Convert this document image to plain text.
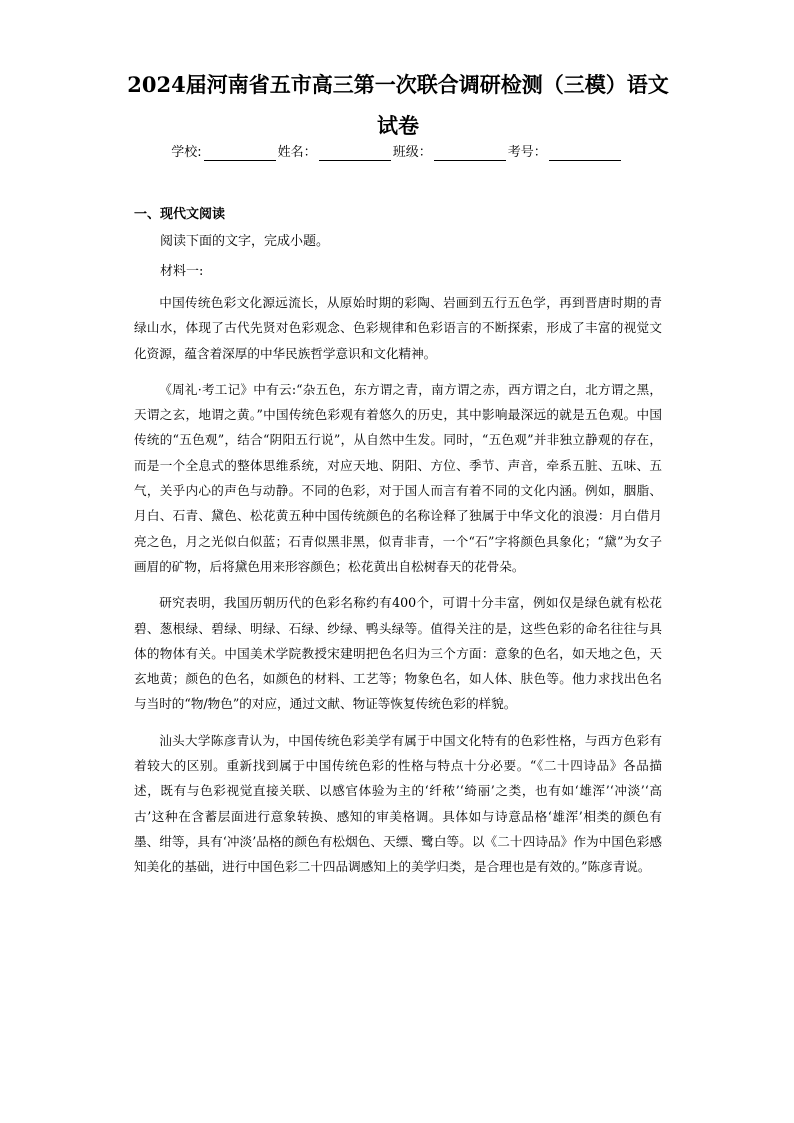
2024届河南省五市高三第一次联合调研检测（三模）语文试卷
学校:	姓名：	班级：	考号：
一、现代文阅读

阅读下面的文字，完成小题。

材料一:

中国传统色彩文化源远流长，从原始时期的彩陶、岩画到五行五色学，再到晋唐时期的青绿山水，体现了古代先贤对色彩观念、色彩规律和色彩语言的不断探索，形成了丰富的视觉文化资源，蕴含着深厚的中华民族哲学意识和文化精神。

《周礼·考工记》中有云:“杂五色，东方谓之青，南方谓之赤，西方谓之白，北方谓之黑，天谓之玄，地谓之黄。”中国传统色彩观有着悠久的历史，其中影响最深远的就是五色观。中国传统的“五色观”，结合“阴阳五行说”，从自然中生发。同时，“五色观”并非独立静观的存在，而是一个全息式的整体思维系统，对应天地、阴阳、方位、季节、声音，牵系五脏、五味、五气，关乎内心的声色与动静。不同的色彩，对于国人而言有着不同的文化内涵。例如，胭脂、月白、石青、黛色、松花黄五种中国传统颜色的名称诠释了独属于中华文化的浪漫：月白借月亮之色，月之光似白似蓝；石青似黑非黑，似青非青，一个“石”字将颜色具象化；“黛”为女子画眉的矿物，后将黛色用来形容颜色；松花黄出自松树春天的花骨朵。

研究表明，我国历朝历代的色彩名称约有400个，可谓十分丰富，例如仅是绿色就有松花碧、葱根绿、碧绿、明绿、石绿、纱绿、鸭头绿等。值得关注的是，这些色彩的命名往往与具体的物体有关。中国美术学院教授宋建明把色名归为三个方面：意象的色名，如天地之色，天玄地黄；颜色的色名，如颜色的材料、工艺等；物象色名，如人体、肤色等。他力求找出色名与当时的“物/物色”的对应，通过文献、物证等恢复传统色彩的样貌。

汕头大学陈彦青认为，中国传统色彩美学有属于中国文化特有的色彩性格，与西方色彩有着较大的区别。重新找到属于中国传统色彩的性格与特点十分必要。“《二十四诗品》各品描述，既有与色彩视觉直接关联、以感官体验为主的‘纤秾’‘绮丽’之类，也有如‘雄浑’‘冲淡’‘高古’这种在含蓄层面进行意象转换、感知的审美格调。具体如与诗意品格‘雄浑’相类的颜色有墨、绀等，具有‘冲淡’品格的颜色有松烟色、天缥、鹭白等。以《二十四诗品》作为中国色彩感知美化的基础，进行中国色彩二十四品调感知上的美学归类，是合理也是有效的。”陈彦青说。
